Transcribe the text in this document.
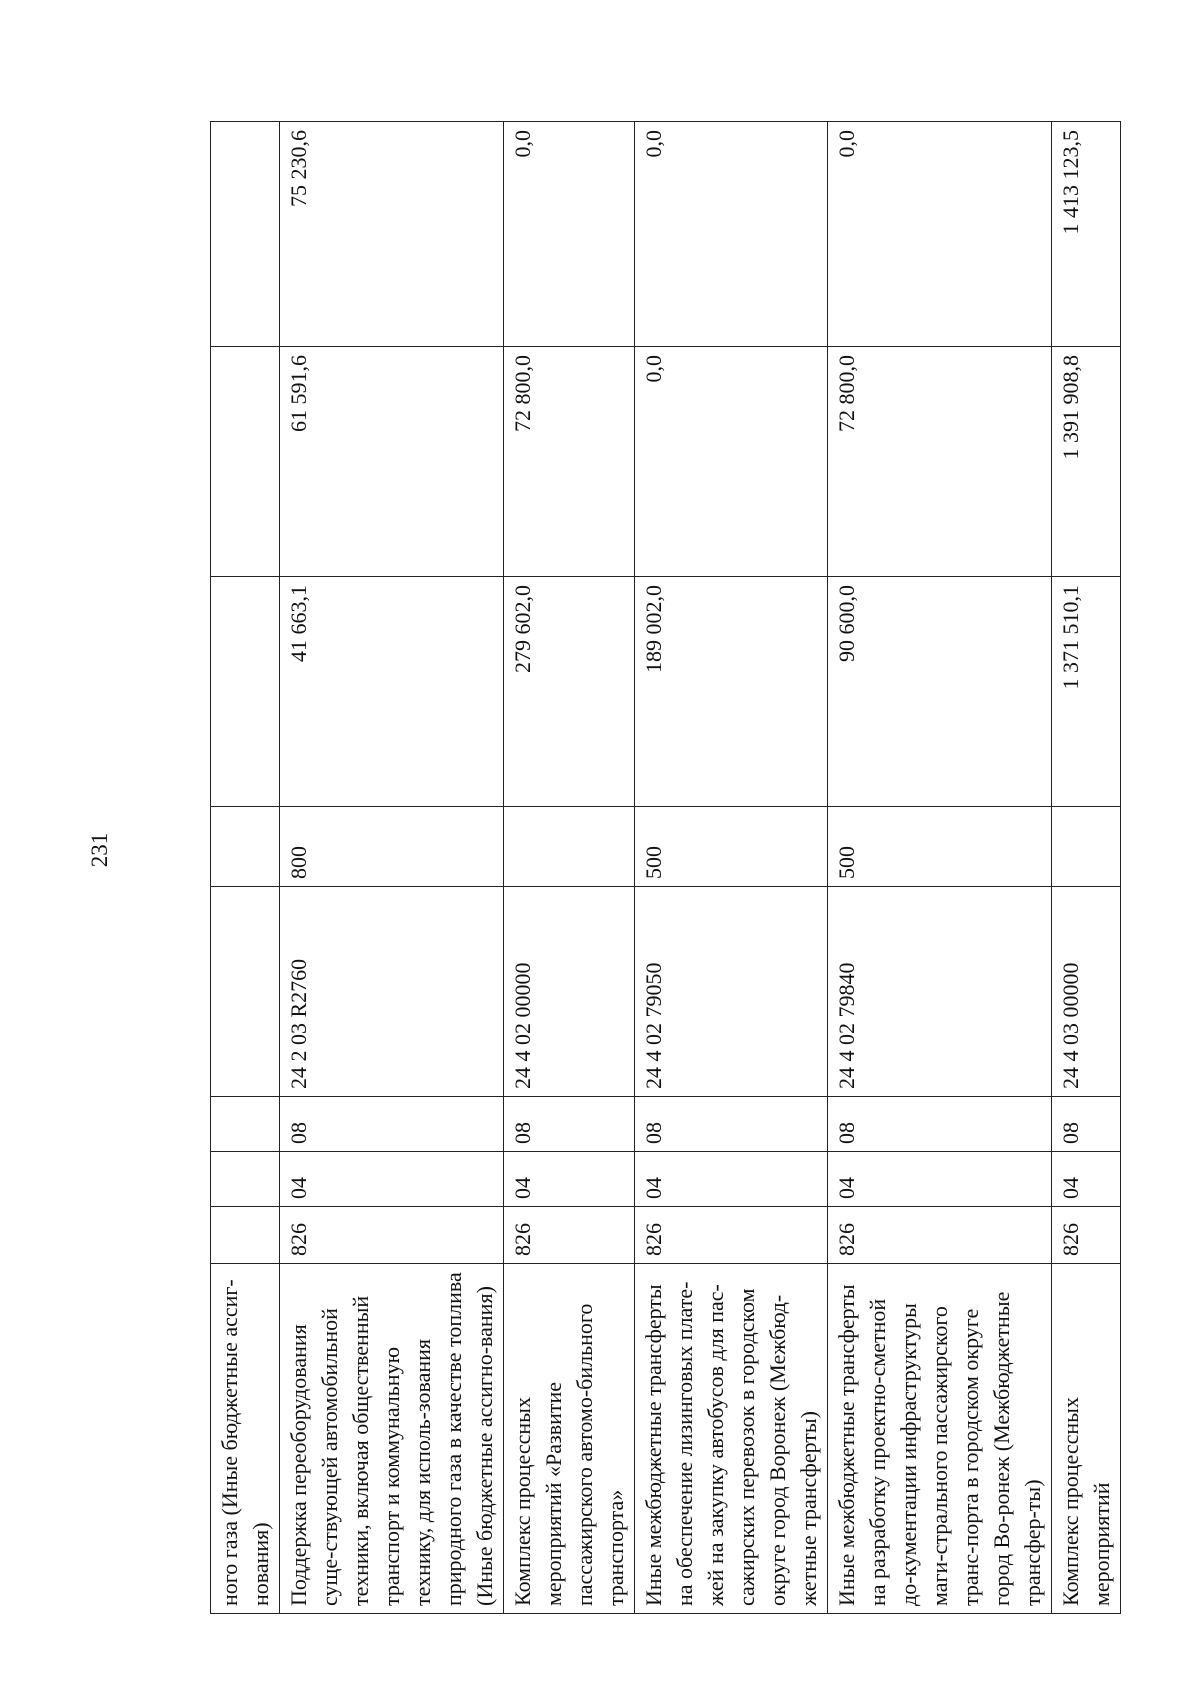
231
ного газа (Иные бюджетные ассиг-нования)								

Поддержка переоборудования суще-ствующей автомобильной техники, включая общественный транспорт и коммунальную технику, для исполь-зования природного газа в качестве топлива (Иные бюджетные ассигно-вания)	826	04	08	24 2 03 R2760	800	41 663,1	61 591,6	75 230,6

Комплекс процессных мероприятий «Развитие пассажирского автомо-бильного транспорта»	826	04	08	24 4 02 00000		279 602,0	72 800,0	0,0

Иные межбюджетные трансферты на обеспечение лизинговых плате-жей на закупку автобусов для пас-сажирских перевозок в городском округе город Воронеж (Межбюд-жетные трансферты)	826	04	08	24 4 02 79050	500	189 002,0	0,0	0,0

Иные межбюджетные трансферты на разработку проектно-сметной до-кументации инфраструктуры маги-стрального пассажирского транс-порта в городском округе город Во-ронеж (Межбюджетные трансфер-ты)	826	04	08	24 4 02 79840	500	90 600,0	72 800,0	0,0

Комплекс процессных мероприятий	826	04	08	24 4 03 00000		1 371 510,1	1 391 908,8	1 413 123,5
